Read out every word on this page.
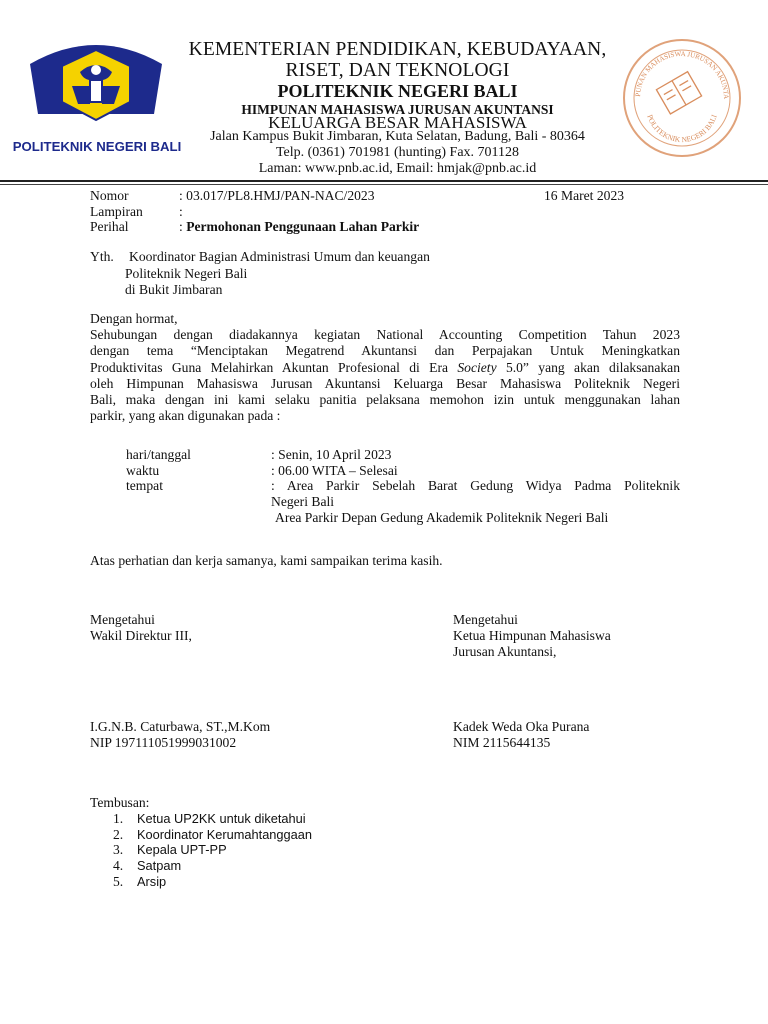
POLITEKNIK NEGERI BALI
KEMENTERIAN PENDIDIKAN, KEBUDAYAAN,
RISET, DAN TEKNOLOGI
POLITEKNIK NEGERI BALI
HIMPUNAN MAHASISWA JURUSAN AKUNTANSI
KELUARGA BESAR MAHASISWA
Jalan Kampus Bukit Jimbaran, Kuta Selatan, Badung, Bali - 80364
Telp. (0361) 701981 (hunting) Fax. 701128
Laman: www.pnb.ac.id, Email: hmjak@pnb.ac.id
PUNAN MAHASISWA JURUSAN AKUNTA
POLITEKNIK NEGERI BALI
Nomor	: 03.017/PL8.HMJ/PAN-NAC/2023	16 Maret 2023
Lampiran	:
Perihal	: Permohonan Penggunaan Lahan Parkir
Yth. Koordinator Bagian Administrasi Umum dan keuangan
Politeknik Negeri Bali
di Bukit Jimbaran
Dengan hormat,
Sehubungan dengan diadakannya kegiatan National Accounting Competition Tahun 2023
dengan tema “Menciptakan Megatrend Akuntansi dan Perpajakan Untuk Meningkatkan
Produktivitas Guna Melahirkan Akuntan Profesional di Era Society 5.0” yang akan dilaksanakan
oleh Himpunan Mahasiswa Jurusan Akuntansi Keluarga Besar Mahasiswa Politeknik Negeri
Bali, maka dengan ini kami selaku panitia pelaksana memohon izin untuk menggunakan lahan
parkir, yang akan digunakan pada :
hari/tanggal	: Senin, 10 April 2023
waktu	: 06.00 WITA – Selesai
tempat	: Area Parkir Sebelah Barat Gedung Widya Padma Politeknik
Negeri Bali
Area Parkir Depan Gedung Akademik Politeknik Negeri Bali
Atas perhatian dan kerja samanya, kami sampaikan terima kasih.
Mengetahui
Wakil Direktur III,
I.G.N.B. Caturbawa, ST.,M.Kom
NIP 197111051999031002
Mengetahui
Ketua Himpunan Mahasiswa
Jurusan Akuntansi,
Kadek Weda Oka Purana
NIM 2115644135
Tembusan:
1. Ketua UP2KK untuk diketahui
2. Koordinator Kerumahtanggaan
3. Kepala UPT-PP
4. Satpam
5. Arsip
